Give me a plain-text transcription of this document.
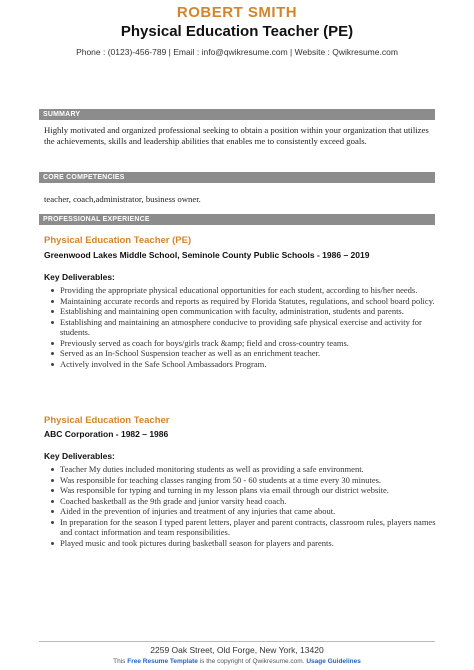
ROBERT SMITH
Physical Education Teacher (PE)
Phone : (0123)-456-789 | Email : info@qwikresume.com | Website : Qwikresume.com
SUMMARY
Highly motivated and organized professional seeking to obtain a position within your organization that utilizes the achievements, skills and leadership abilities that enables me to consistently exceed goals.
CORE COMPETENCIES
teacher, coach,administrator, business owner.
PROFESSIONAL EXPERIENCE
Physical Education Teacher (PE)
Greenwood Lakes Middle School, Seminole County Public Schools - 1986 – 2019
Key Deliverables:
Providing the appropriate physical educational opportunities for each student, according to his/her needs.
Maintaining accurate records and reports as required by Florida Statutes, regulations, and school board policy.
Establishing and maintaining open communication with faculty, administration, students and parents.
Establishing and maintaining an atmosphere conducive to providing safe physical exercise and activity for students.
Previously served as coach for boys/girls track &amp; field and cross-country teams.
Served as an In-School Suspension teacher as well as an enrichment teacher.
Actively involved in the Safe School Ambassadors Program.
Physical Education Teacher
ABC Corporation - 1982 – 1986
Key Deliverables:
Teacher My duties included monitoring students as well as providing a safe environment.
Was responsible for teaching classes ranging from 50 - 60 students at a time every 30 minutes.
Was responsible for typing and turning in my lesson plans via email through our district website.
Coached basketball as the 9th grade and junior varsity head coach.
Aided in the prevention of injuries and treatment of any injuries that came about.
In preparation for the season I typed parent letters, player and parent contracts, classroom rules, players names and contact information and team responsibilities.
Played music and took pictures during basketball season for players and parents.
2259 Oak Street, Old Forge, New York, 13420
This Free Resume Template is the copyright of Qwikresume.com. Usage Guidelines
